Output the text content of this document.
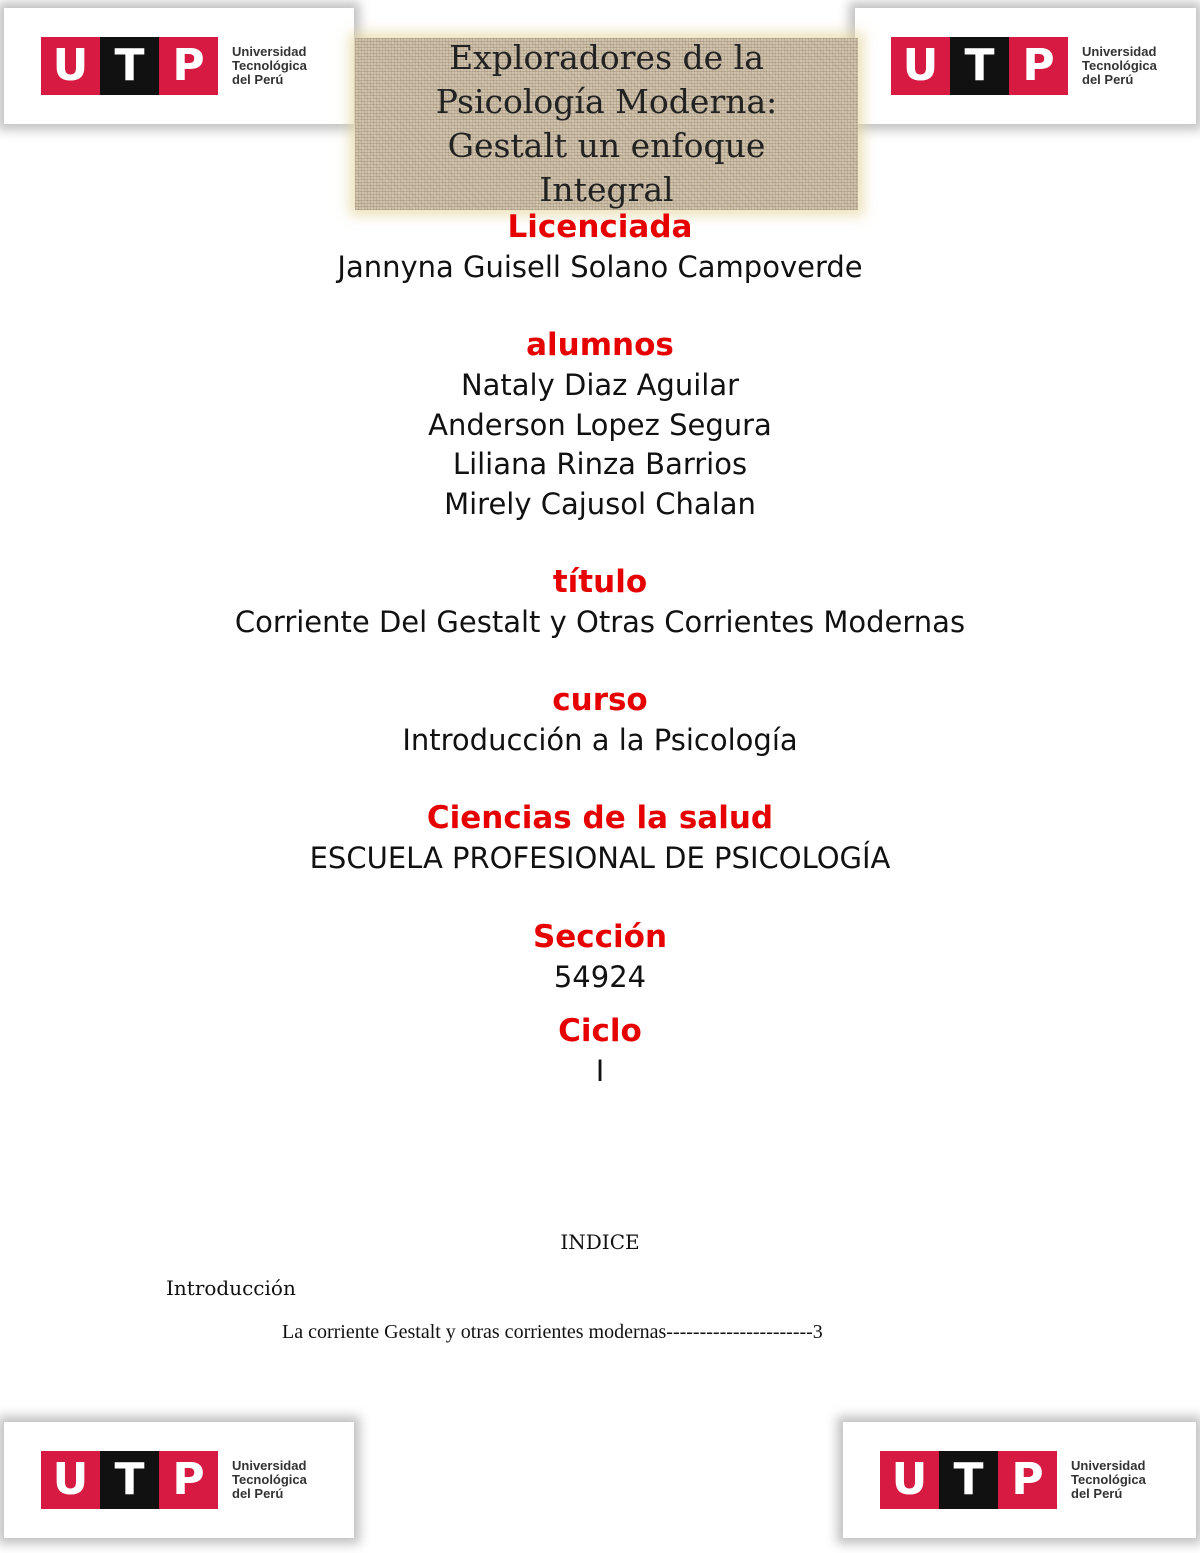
U T P	Universidad
Tecnológica
del Perú	U T P	Universidad
Tecnológica
del Perú
Exploradores de la Psicología Moderna: Gestalt un enfoque Integral
Licenciada
Jannyna Guisell Solano Campoverde
alumnos
Nataly Diaz Aguilar
Anderson Lopez Segura
Liliana Rinza Barrios
Mirely Cajusol Chalan
título
Corriente Del Gestalt y Otras Corrientes Modernas
curso
Introducción a la Psicología
Ciencias de la salud
ESCUELA PROFESIONAL DE PSICOLOGÍA
Sección
54924
Ciclo
I
INDICE
Introducción
La corriente Gestalt y otras corrientes modernas----------------------3
U T P	Universidad
Tecnológica
del Perú	U T P	Universidad
Tecnológica
del Perú
